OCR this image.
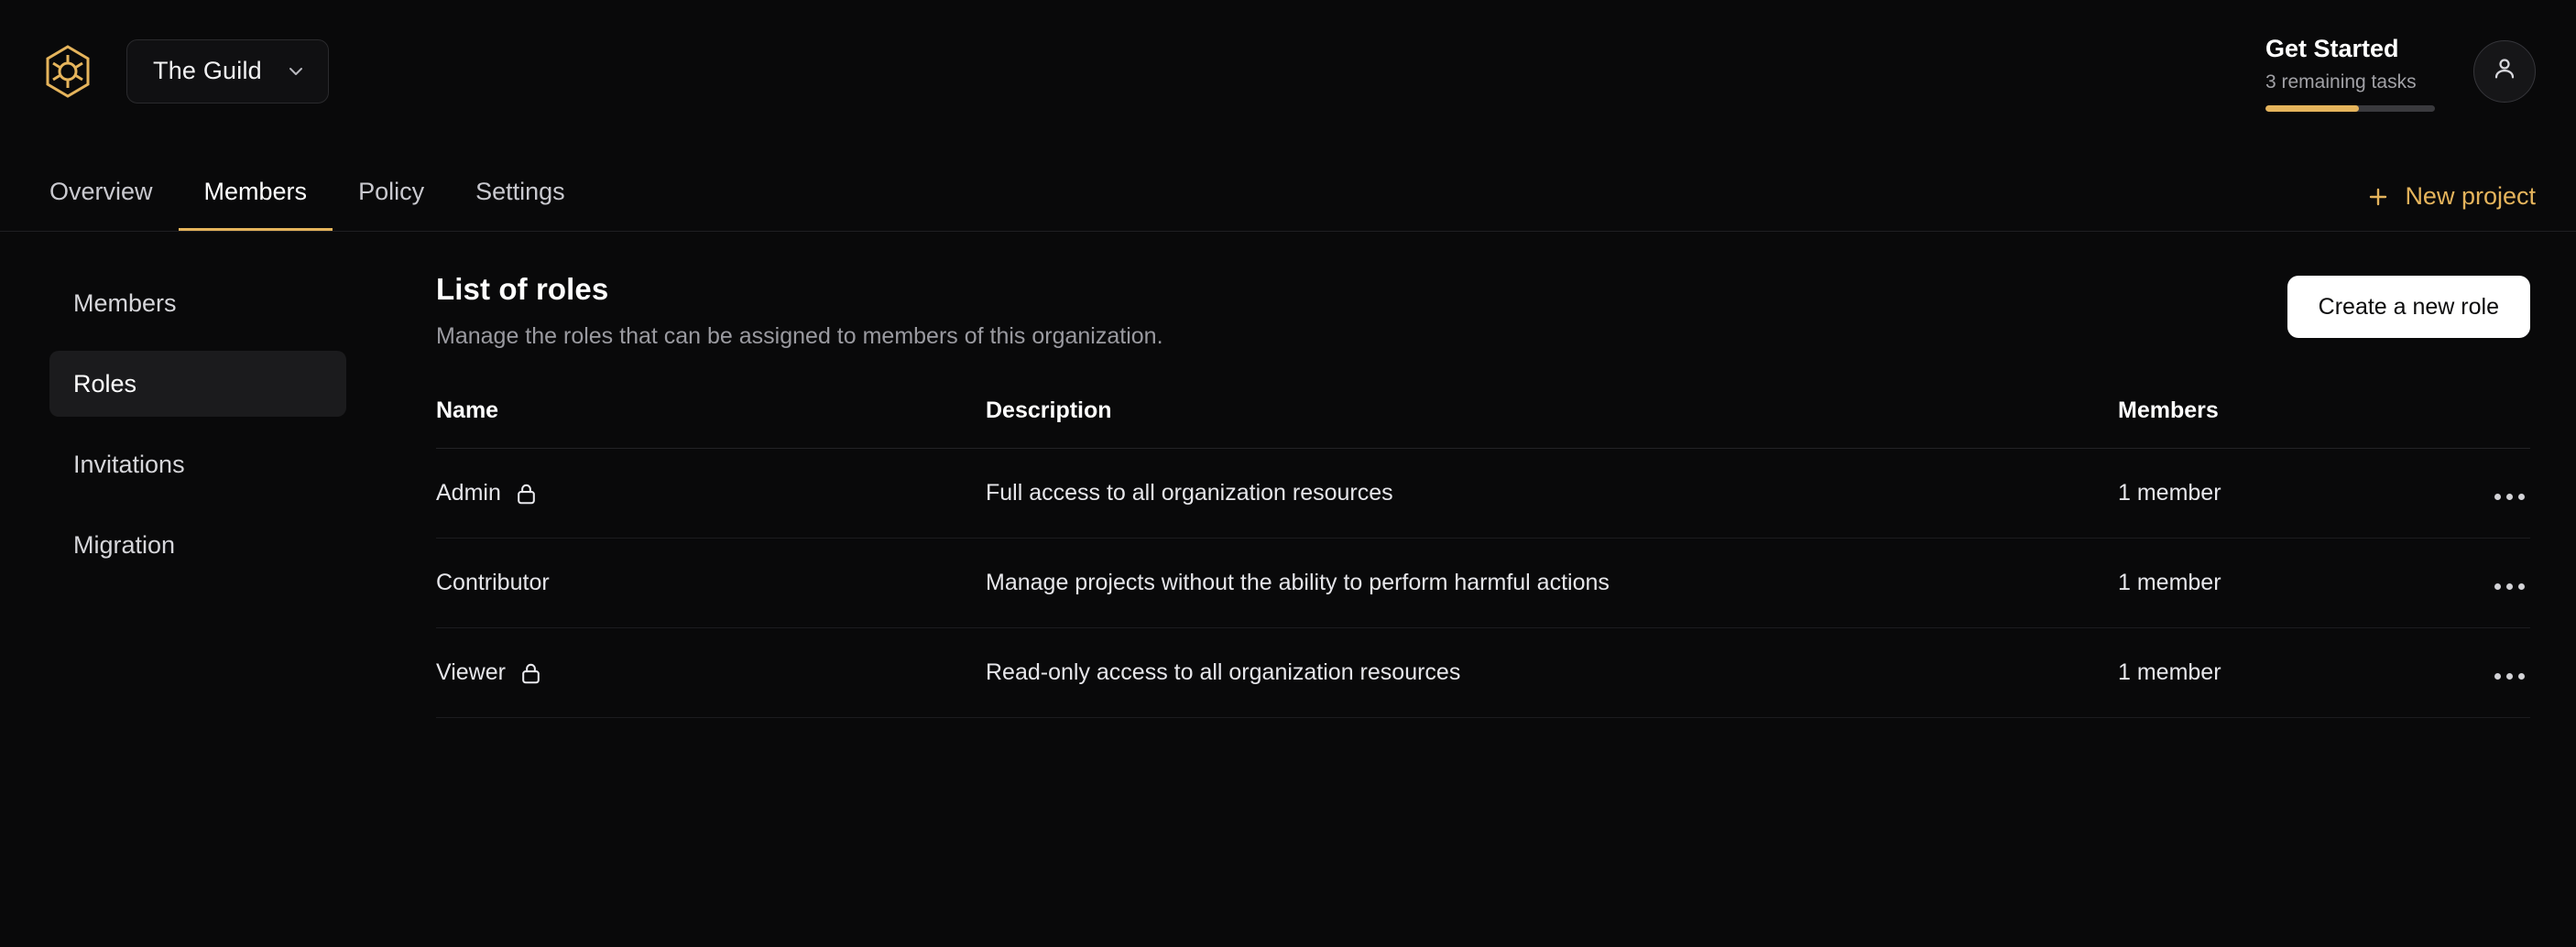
The Guild
Get Started
3 remaining tasks
Overview	Members	Policy	Settings	New project
Members
Roles
Invitations
Migration
List of roles
Manage the roles that can be assigned to members of this organization.
Create a new role
Name	Description	Members	

Admin	Full access to all organization resources	1 member	

Contributor	Manage projects without the ability to perform harmful actions	1 member	

Viewer	Read-only access to all organization resources	1 member	
